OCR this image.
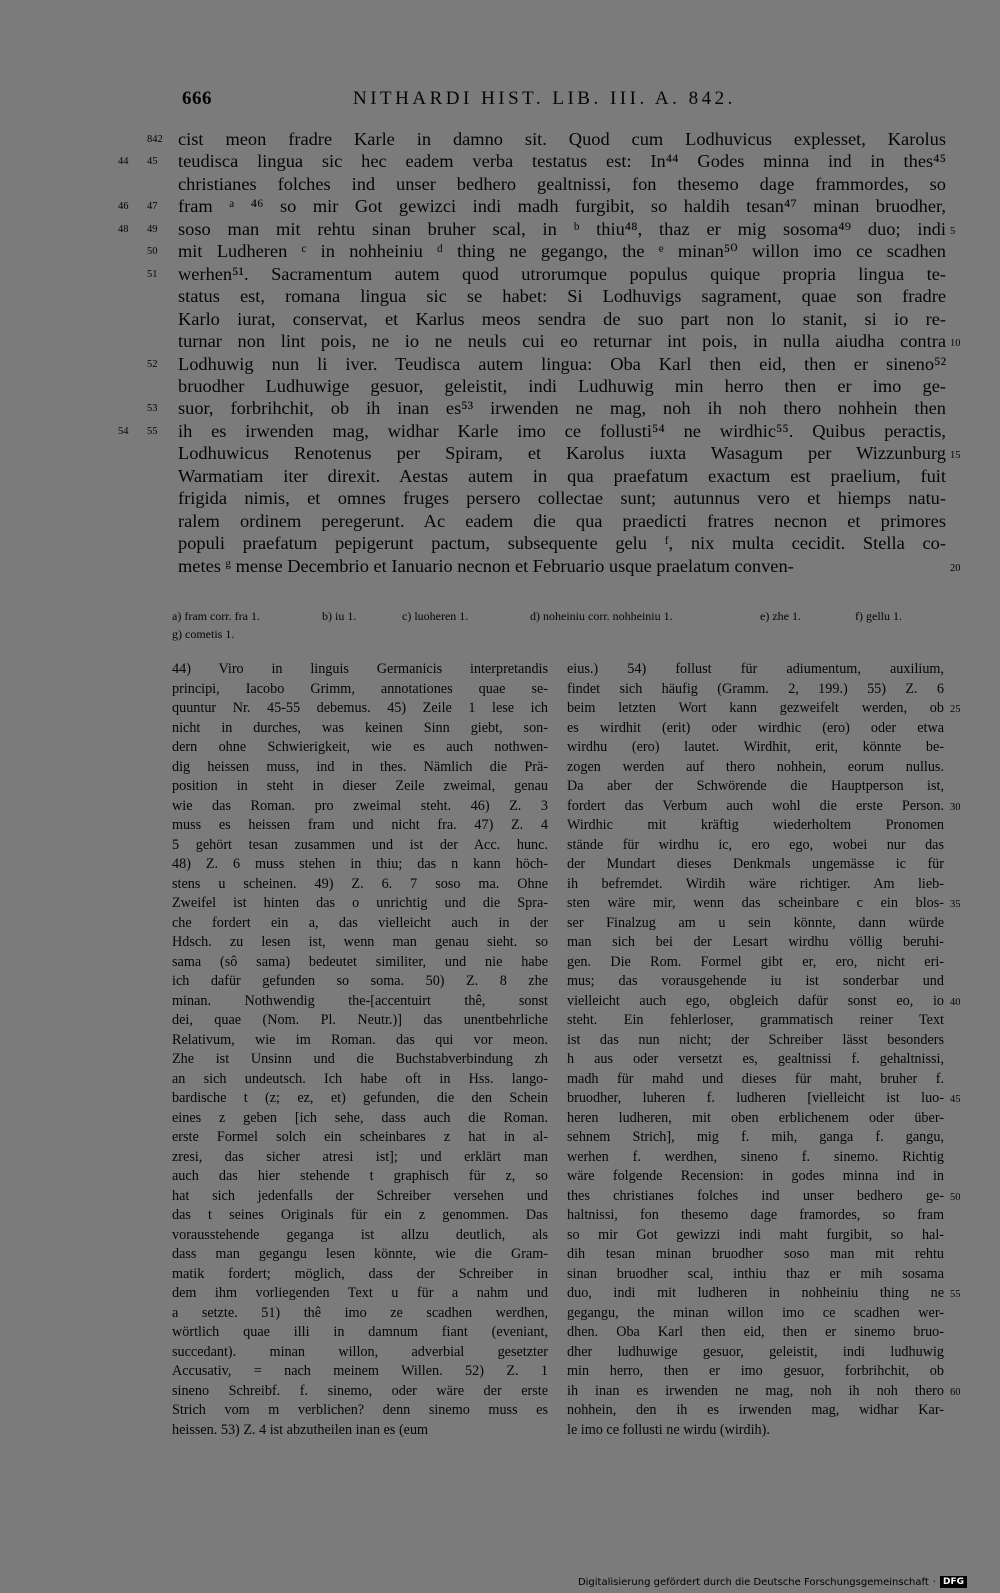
666	NITHARDI HIST. LIB. III. A. 842.
cist meon fradre Karle in damno sit. Quod cum Lodhuvicus explesset, Karolus
842
teudisca lingua sic hec eadem verba testatus est: In⁴⁴ Godes minna ind in thes⁴⁵
44 45
christianes folches ind unser bedhero gealtnissi, fon thesemo dage frammordes, so
fram ᵃ ⁴⁶ so mir Got gewizci indi madh furgibit, so haldih tesan⁴⁷ minan bruodher,
46 47
soso man mit rehtu sinan bruher scal, in ᵇ thiu⁴⁸, thaz er mig sosoma⁴⁹ duo; indi
48 49	5
mit Ludheren ᶜ in nohheiniu ᵈ thing ne gegango, the ᵉ minan⁵⁰ willon imo ce scadhen
50
werhen⁵¹. Sacramentum autem quod utrorumque populus quique propria lingua te-
51
status est, romana lingua sic se habet: Si Lodhuvigs sagrament, quae son fradre
Karlo iurat, conservat, et Karlus meos sendra de suo part non lo stanit, si io re-
turnar non lint pois, ne io ne neuls cui eo returnar int pois, in nulla aiudha contra 10
Lodhuwig nun li iver. Teudisca autem lingua: Oba Karl then eid, then er sineno⁵²
52
bruodher Ludhuwige gesuor, geleistit, indi Ludhuwig min herro then er imo ge-
suor, forbrihchit, ob ih inan es⁵³ irwenden ne mag, noh ih noh thero nohhein then
53
ih es irwenden mag, widhar Karle imo ce follusti⁵⁴ ne wirdhic⁵⁵. Quibus peractis,
54 55
Lodhuwicus Renotenus per Spiram, et Karolus iuxta Wasagum per Wizzunburg 15
Warmatiam iter direxit. Aestas autem in qua praefatum exactum est praelium, fuit
frigida nimis, et omnes fruges persero collectae sunt; autunnus vero et hiemps natu-
ralem ordinem peregerunt. Ac eadem die qua praedicti fratres necnon et primores
populi praefatum pepigerunt pactum, subsequente gelu ᶠ, nix multa cecidit. Stella co-
metes ᵍ mense Decembrio et Ianuario necnon et Februario usque praelatum conven-	20
a) fram corr. fra 1.	b) iu 1.	c) luoheren 1.	d) noheiniu corr. nohheiniu 1.	e) zhe 1.	f) gellu 1.
g) cometis 1.
44) Viro in linguis Germanicis interpretandis
principi, Iacobo Grimm, annotationes quae se-
quuntur Nr. 45-55 debemus. 45) Zeile 1 lese ich
nicht in durches, was keinen Sinn giebt, son-
dern ohne Schwierigkeit, wie es auch nothwen-
dig heissen muss, ind in thes. Nämlich die Prä-
position in steht in dieser Zeile zweimal, genau
wie das Roman. pro zweimal steht. 46) Z. 3
muss es heissen fram und nicht fra. 47) Z. 4
5 gehört tesan zusammen und ist der Acc. hunc.
48) Z. 6 muss stehen in thiu; das n kann höch-
stens u scheinen. 49) Z. 6. 7 soso ma. Ohne
Zweifel ist hinten das o unrichtig und die Spra-
che fordert ein a, das vielleicht auch in der
Hdsch. zu lesen ist, wenn man genau sieht. so
sama (sô sama) bedeutet similiter, und nie habe
ich dafür gefunden so soma. 50) Z. 8 zhe
minan. Nothwendig the-[accentuirt thê, sonst
dei, quae (Nom. Pl. Neutr.)] das unentbehrliche
Relativum, wie im Roman. das qui vor meon.
Zhe ist Unsinn und die Buchstabverbindung zh
an sich undeutsch. Ich habe oft in Hss. lango-
bardische t (z; ez, et) gefunden, die den Schein
eines z geben [ich sehe, dass auch die Roman.
erste Formel solch ein scheinbares z hat in al-
zresi, das sicher atresi ist]; und erklärt man
auch das hier stehende t graphisch für z, so
hat sich jedenfalls der Schreiber versehen und
das t seines Originals für ein z genommen. Das
vorausstehende geganga ist allzu deutlich, als
dass man gegangu lesen könnte, wie die Gram-
matik fordert; möglich, dass der Schreiber in
dem ihm vorliegenden Text u für a nahm und
a setzte. 51) thê imo ze scadhen werdhen,
wörtlich quae illi in damnum fiant (eveniant,
succedant). minan willon, adverbial gesetzter
Accusativ, = nach meinem Willen. 52) Z. 1
sineno Schreibf. f. sinemo, oder wäre der erste
Strich vom m verblichen? denn sinemo muss es
heissen. 53) Z. 4 ist abzutheilen inan es (eum
eius.) 54) follust für adiumentum, auxilium,
findet sich häufig (Gramm. 2, 199.) 55) Z. 6
beim letzten Wort kann gezweifelt werden, ob
es wirdhit (erit) oder wirdhic (ero) oder etwa
wirdhu (ero) lautet. Wirdhit, erit, könnte be-
zogen werden auf thero nohhein, eorum nullus.
Da aber der Schwörende die Hauptperson ist,
fordert das Verbum auch wohl die erste Person.
Wirdhic mit kräftig wiederholtem Pronomen
stände für wirdhu ic, ero ego, wobei nur das
der Mundart dieses Denkmals ungemässe ic für
ih befremdet. Wirdih wäre richtiger. Am lieb-
sten wäre mir, wenn das scheinbare c ein blos-
ser Finalzug am u sein könnte, dann würde
man sich bei der Lesart wirdhu völlig beruhi-
gen. Die Rom. Formel gibt er, ero, nicht eri-
mus; das vorausgehende iu ist sonderbar und
vielleicht auch ego, obgleich dafür sonst eo, io
steht. Ein fehlerloser, grammatisch reiner Text
ist das nun nicht; der Schreiber lässt besonders
h aus oder versetzt es, gealtnissi f. gehaltnissi,
madh für mahd und dieses für maht, bruher f.
bruodher, luheren f. ludheren [vielleicht ist luo-
heren ludheren, mit oben erblichenem oder über-
sehnem Strich], mig f. mih, ganga f. gangu,
werhen f. werdhen, sineno f. sinemo. Richtig
wäre folgende Recension: in godes minna ind in
thes christianes folches ind unser bedhero ge-
haltnissi, fon thesemo dage framordes, so fram
so mir Got gewizzi indi maht furgibit, so hal-
dih tesan minan bruodher soso man mit rehtu
sinan bruodher scal, inthiu thaz er mih sosama
duo, indi mit ludheren in nohheiniu thing ne
gegangu, the minan willon imo ce scadhen wer-
dhen. Oba Karl then eid, then er sinemo bruo-
dher ludhuwige gesuor, geleistit, indi ludhuwig
min herro, then er imo gesuor, forbrihchit, ob
ih inan es irwenden ne mag, noh ih noh thero
nohhein, den ih es irwenden mag, widhar Kar-
le imo ce follusti ne wirdu (wirdih).
25
30
35
40
45
50
55
60
Digitalisierung gefördert durch die Deutsche Forschungsgemeinschaft · DFG
